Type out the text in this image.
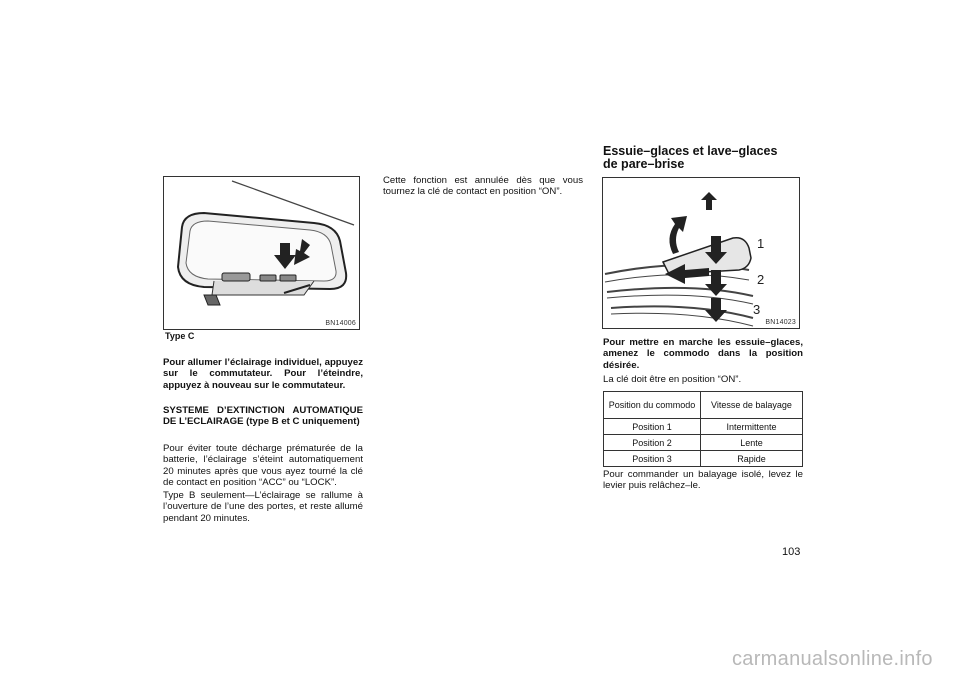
BN14006
Type C

Pour allumer l’éclairage individuel, appuyez sur le commutateur. Pour l’éteindre, appuyez à nouveau sur le commutateur.

SYSTEME D’EXTINCTION AUTOMATIQUE DE L’ECLAIRAGE (type B et C uniquement)

Pour éviter toute décharge prématurée de la batterie, l’éclairage s’éteint automatiquement 20 minutes après que vous ayez tourné la clé de contact en position “ACC” ou “LOCK”.

Type B seulement—L’éclairage se rallume à l’ouverture de l’une des portes, et reste allumé pendant 20 minutes.

Cette fonction est annulée dès que vous tournez la clé de contact en position “ON”.

Essuie–glaces et lave–glaces
de pare–brise
1
2
3
BN14023

Pour mettre en marche les essuie–glaces, amenez le commodo dans la position désirée.

La clé doit être en position “ON”.

Position du commodo	Vitesse de balayage
Position 1	Intermittente
Position 2	Lente
Position 3	Rapide

Pour commander un balayage isolé, levez le levier puis relâchez–le.

103
carmanualsonline.info
